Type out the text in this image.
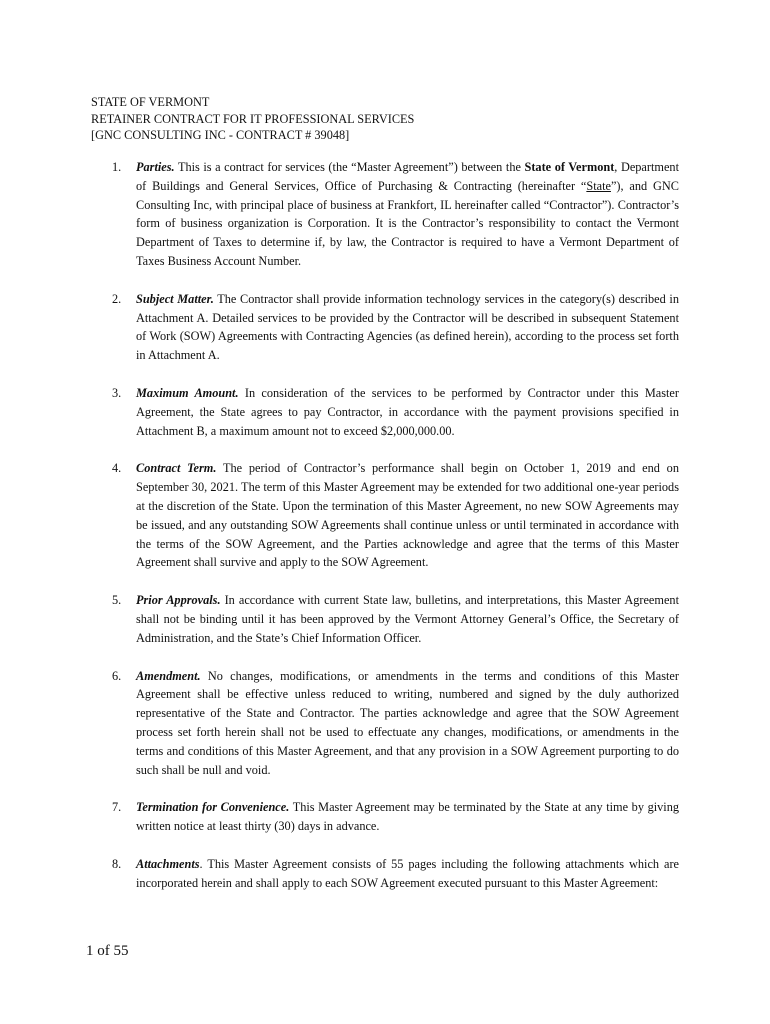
STATE OF VERMONT
RETAINER CONTRACT FOR IT PROFESSIONAL SERVICES
[GNC CONSULTING INC - CONTRACT # 39048]
1. Parties. This is a contract for services (the “Master Agreement”) between the State of Vermont, Department of Buildings and General Services, Office of Purchasing & Contracting (hereinafter “State”), and GNC Consulting Inc, with principal place of business at Frankfort, IL hereinafter called “Contractor”). Contractor’s form of business organization is Corporation. It is the Contractor’s responsibility to contact the Vermont Department of Taxes to determine if, by law, the Contractor is required to have a Vermont Department of Taxes Business Account Number.
2. Subject Matter. The Contractor shall provide information technology services in the category(s) described in Attachment A. Detailed services to be provided by the Contractor will be described in subsequent Statement of Work (SOW) Agreements with Contracting Agencies (as defined herein), according to the process set forth in Attachment A.
3. Maximum Amount. In consideration of the services to be performed by Contractor under this Master Agreement, the State agrees to pay Contractor, in accordance with the payment provisions specified in Attachment B, a maximum amount not to exceed $2,000,000.00.
4. Contract Term. The period of Contractor’s performance shall begin on October 1, 2019 and end on September 30, 2021. The term of this Master Agreement may be extended for two additional one-year periods at the discretion of the State. Upon the termination of this Master Agreement, no new SOW Agreements may be issued, and any outstanding SOW Agreements shall continue unless or until terminated in accordance with the terms of the SOW Agreement, and the Parties acknowledge and agree that the terms of this Master Agreement shall survive and apply to the SOW Agreement.
5. Prior Approvals. In accordance with current State law, bulletins, and interpretations, this Master Agreement shall not be binding until it has been approved by the Vermont Attorney General’s Office, the Secretary of Administration, and the State’s Chief Information Officer.
6. Amendment. No changes, modifications, or amendments in the terms and conditions of this Master Agreement shall be effective unless reduced to writing, numbered and signed by the duly authorized representative of the State and Contractor. The parties acknowledge and agree that the SOW Agreement process set forth herein shall not be used to effectuate any changes, modifications, or amendments in the terms and conditions of this Master Agreement, and that any provision in a SOW Agreement purporting to do such shall be null and void.
7. Termination for Convenience. This Master Agreement may be terminated by the State at any time by giving written notice at least thirty (30) days in advance.
8. Attachments. This Master Agreement consists of 55 pages including the following attachments which are incorporated herein and shall apply to each SOW Agreement executed pursuant to this Master Agreement:
1 of 55
